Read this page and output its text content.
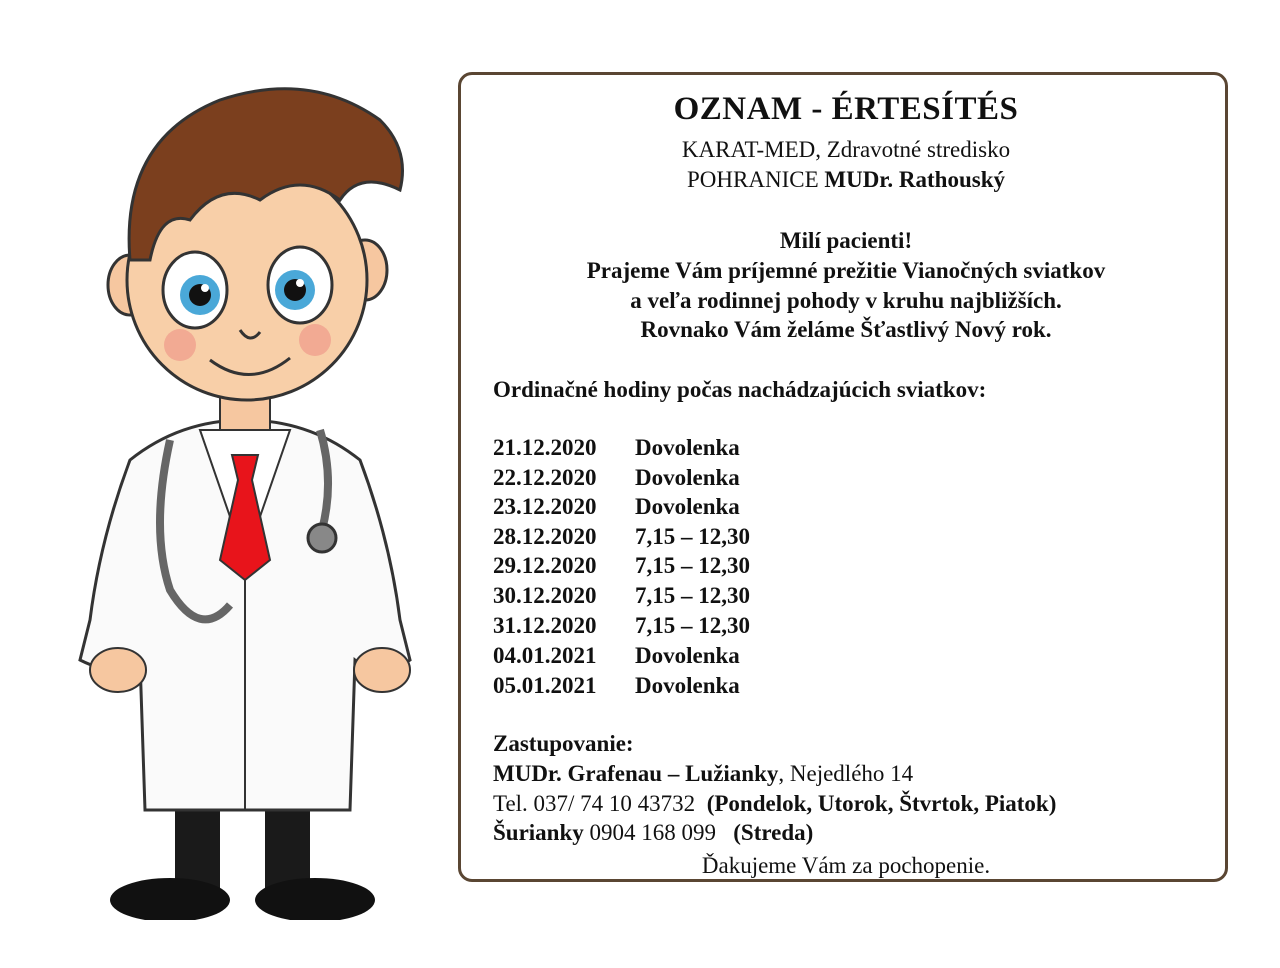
OZNAM - ÉRTESÍTÉS
KARAT-MED, Zdravotné stredisko
POHRANICE MUDr. Rathouský
Milí pacienti!
Prajeme Vám príjemné prežitie Vianočných sviatkov
a veľa rodinnej pohody v kruhu najbližších.
Rovnako Vám želáme Šťastlivý Nový rok.
Ordinačné hodiny počas nachádzajúcich sviatkov:
21.12.2020 Dovolenka
22.12.2020 Dovolenka
23.12.2020 Dovolenka
28.12.2020 7,15 – 12,30
29.12.2020 7,15 – 12,30
30.12.2020 7,15 – 12,30
31.12.2020 7,15 – 12,30
04.01.2021 Dovolenka
05.01.2021 Dovolenka
Zastupovanie:
MUDr. Grafenau – Lužianky, Nejedlého 14
Tel. 037/ 74 10 43732 (Pondelok, Utorok, Štvrtok, Piatok)
Šurianky 0904 168 099 (Streda)
Ďakujeme Vám za pochopenie.
